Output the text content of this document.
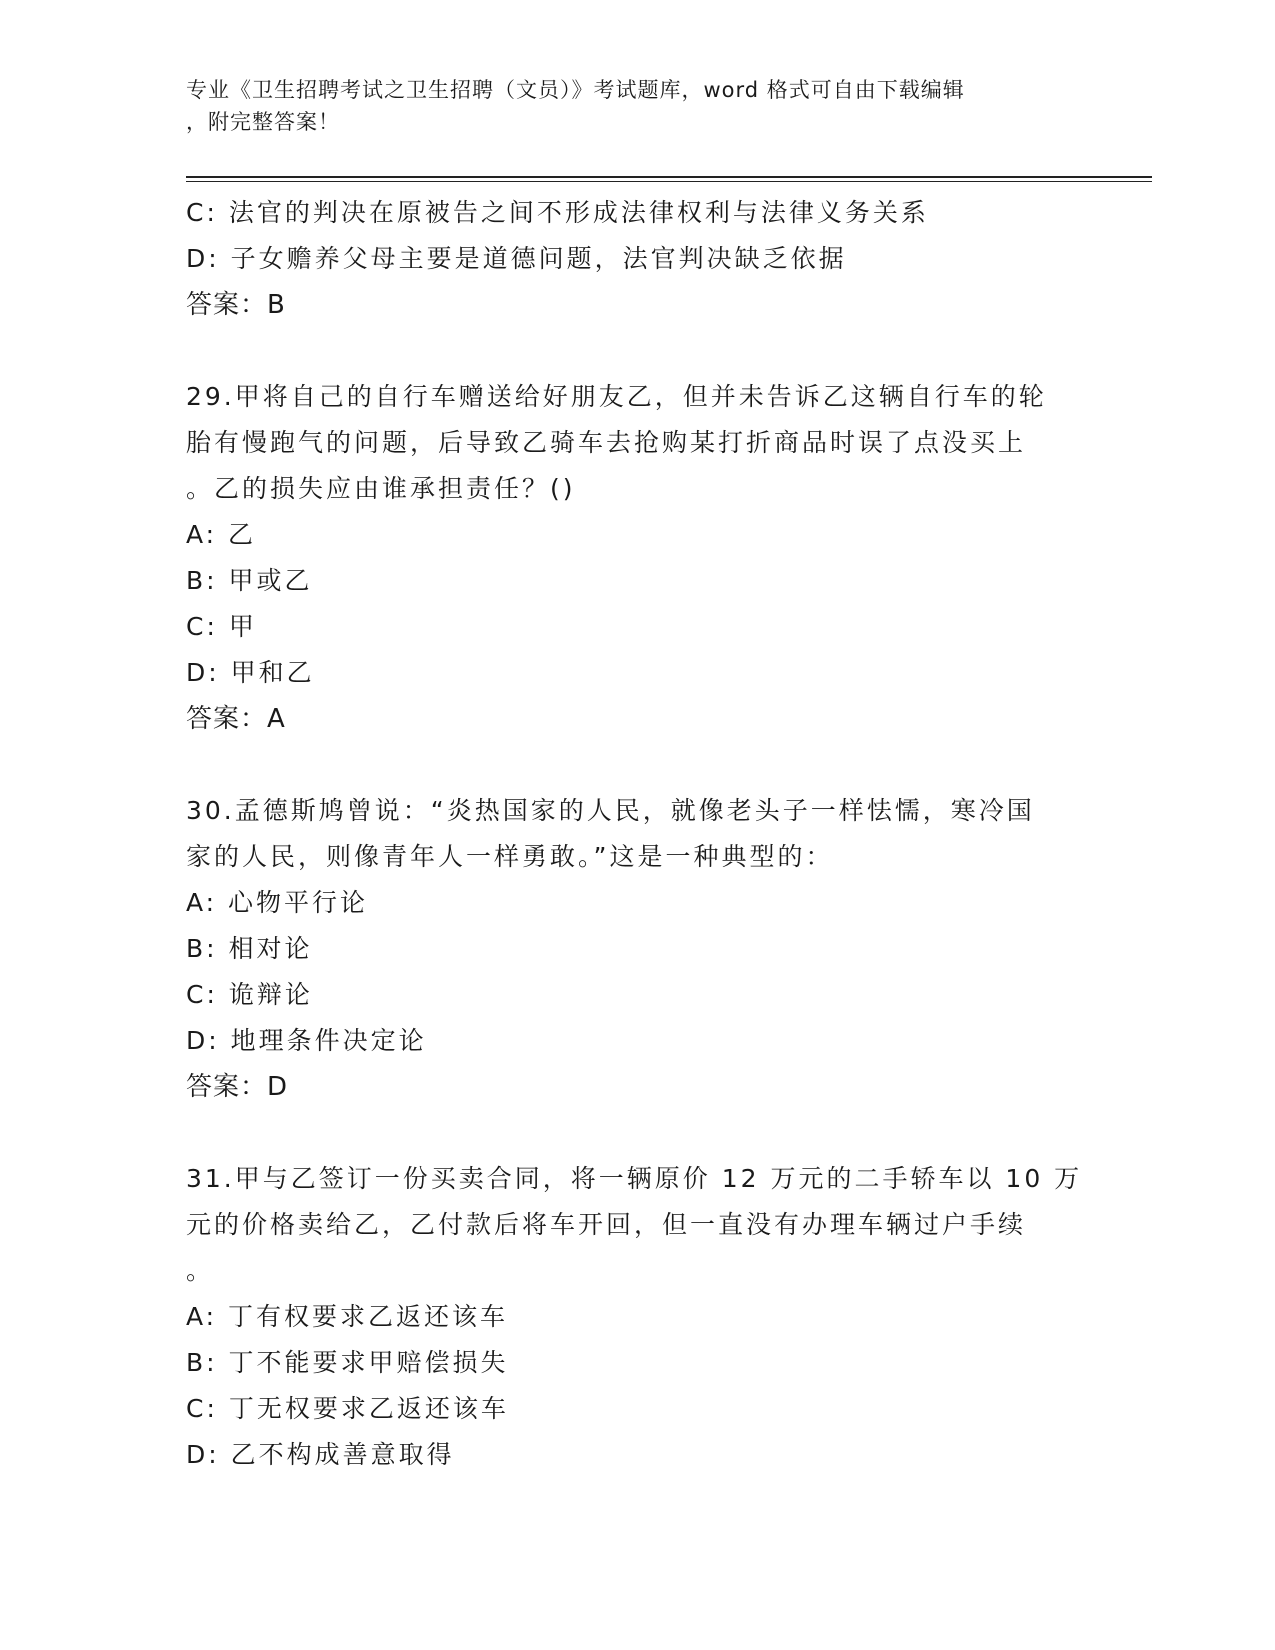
专业《卫生招聘考试之卫生招聘（文员）》考试题库，word 格式可自由下载编辑
，附完整答案！
C: 法官的判决在原被告之间不形成法律权利与法律义务关系
D: 子女赡养父母主要是道德问题，法官判决缺乏依据
答案：B
29.甲将自己的自行车赠送给好朋友乙，但并未告诉乙这辆自行车的轮
胎有慢跑气的问题，后导致乙骑车去抢购某打折商品时误了点没买上
。乙的损失应由谁承担责任？()
A: 乙
B: 甲或乙
C: 甲
D: 甲和乙
答案：A
30.孟德斯鸠曾说：“炎热国家的人民，就像老头子一样怯懦，寒冷国
家的人民，则像青年人一样勇敢。”这是一种典型的：
A: 心物平行论
B: 相对论
C: 诡辩论
D: 地理条件决定论
答案：D
31.甲与乙签订一份买卖合同，将一辆原价 12 万元的二手轿车以 10 万
元的价格卖给乙，乙付款后将车开回，但一直没有办理车辆过户手续
。
A: 丁有权要求乙返还该车
B: 丁不能要求甲赔偿损失
C: 丁无权要求乙返还该车
D: 乙不构成善意取得
